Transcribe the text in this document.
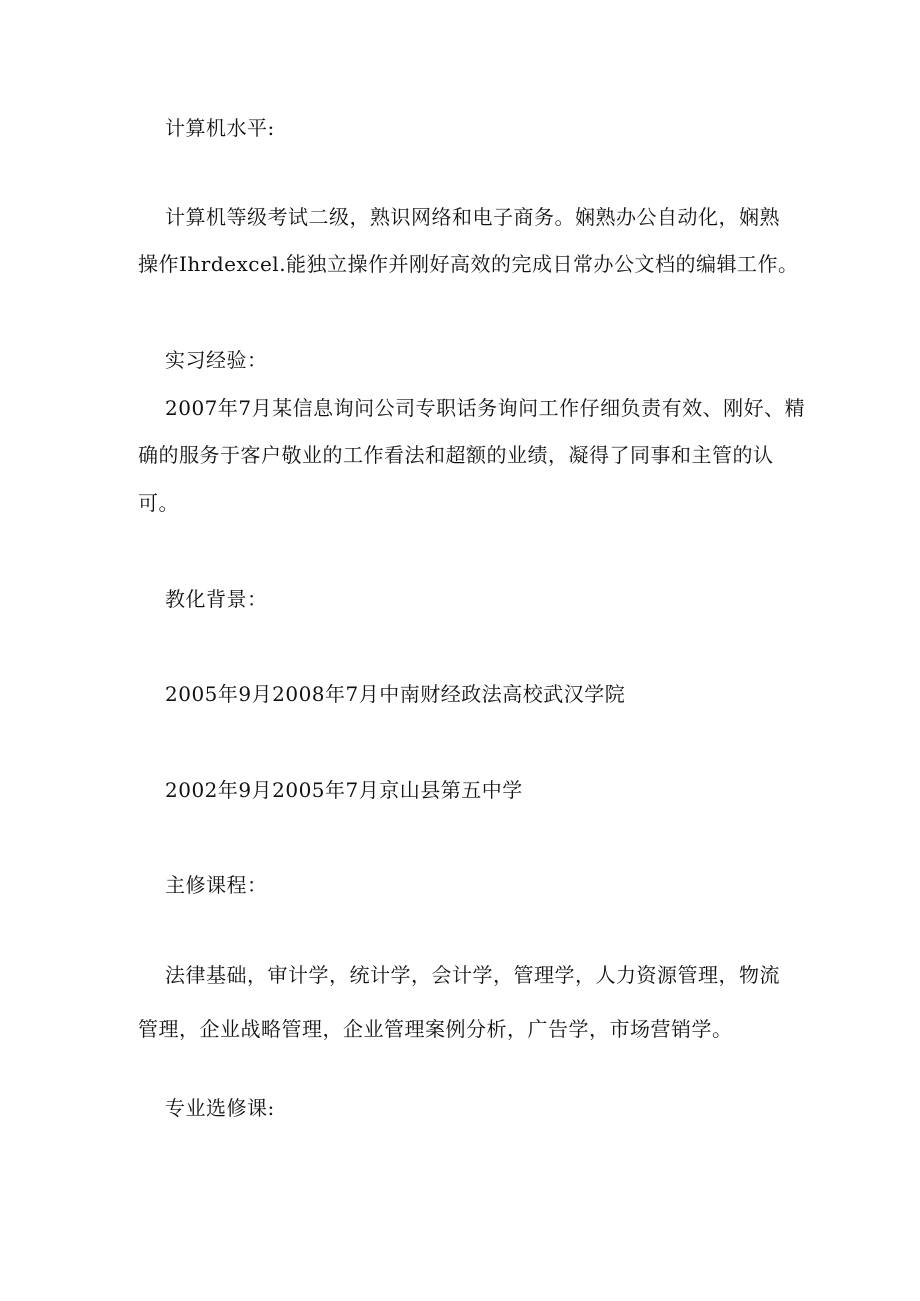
计算机水平:
计算机等级考试二级，熟识网络和电子商务。娴熟办公自动化，娴熟
操作Ihrdexcel.能独立操作并刚好高效的完成日常办公文档的编辑工作。
实习经验：
2007年7月某信息询问公司专职话务询问工作仔细负责有效、刚好、精
确的服务于客户敬业的工作看法和超额的业绩，凝得了同事和主管的认
可。
教化背景：
2005年9月2008年7月中南财经政法高校武汉学院
2002年9月2005年7月京山县第五中学
主修课程：
法律基础，审计学，统计学，会计学，管理学，人力资源管理，物流
管理，企业战略管理，企业管理案例分析，广告学，市场营销学。
专业选修课:
